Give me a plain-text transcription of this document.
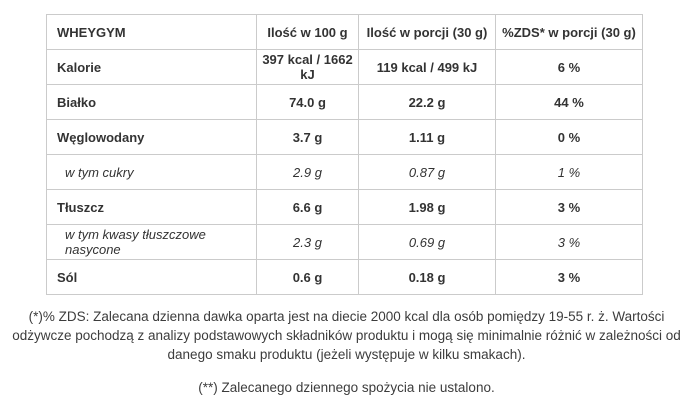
WHEYGYM	Ilość w 100 g	Ilość w porcji (30 g)	%ZDS* w porcji (30 g)
Kalorie	397 kcal / 1662 kJ	119 kcal / 499 kJ	6 %
Białko	74.0 g	22.2 g	44 %
Węglowodany	3.7 g	1.11 g	0 %
w tym cukry	2.9 g	0.87 g	1 %
Tłuszcz	6.6 g	1.98 g	3 %
w tym kwasy tłuszczowe nasycone	2.3 g	0.69 g	3 %
Sól	0.6 g	0.18 g	3 %

(*)% ZDS: Zalecana dzienna dawka oparta jest na diecie 2000 kcal dla osób pomiędzy 19-55 r. ż. Wartości odżywcze pochodzą z analizy podstawowych składników produktu i mogą się minimalnie różnić w zależności od danego smaku produktu (jeżeli występuje w kilku smakach).

(**) Zalecanego dziennego spożycia nie ustalono.
